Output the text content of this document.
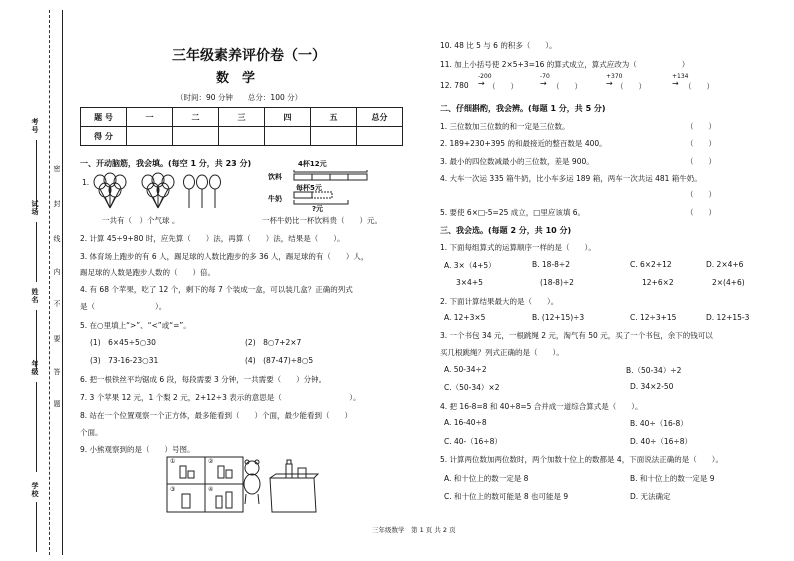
考号
试场
姓名
年级
学校
密
封
线
内
不
要
答
题
三年级素养评价卷（一）
数　学
（时间：90 分钟　　总分：100 分）
题 号	一	二	三	四	五	总分
得 分						
一、开动脑筋，我会填。(每空 1 分，共 23 分)
1.
一共有（　）个气球 。
4杯12元
饮料
每杯5元
牛奶
?元
一杯牛奶比一杯饮料贵（　　）元。
2. 计算 45÷9+80 时，应先算（　　）法，再算（　　）法，结果是（　　）。
3. 体育场上跑步的有 6 人，踢足球的人数比跑步的多 36 人，踢足球的有（　　）人，
踢足球的人数是跑步人数的（　　）倍。
4. 有 68 个苹果，吃了 12 个，剩下的每 7 个装成一盒，可以装几盒？正确的列式
是（　　　　　　　　）。
5. 在○里填上“>”、“<”或“=”。
(1)　6×45÷5○30	(2)　8○7+2×7
(3)　73-16-23○31	(4)　(87-47)÷8○5
6. 把一根铁丝平均锯成 6 段，每段需要 3 分钟，一共需要（　　）分钟。
7. 3 个苹果 12 元，1 个梨 2 元，2+12÷3 表示的意思是（　　　　　　　　　）。
8. 站在一个位置观察一个正方体，最多能看到（　　）个面，最少能看到（　　）
个面。
9. 小熊观察到的是（　　）号图。
①	②
③	④
10. 48 比 5 与 6 的积多（　　）。
11. 加上小括号使 2×5+3=16 的算式成立，算式应改为（　　　　　　）
12. 780
-200
→ （　　）
-70
→ （　　）
+370
→ （　　）
+134
→ （　　）
二、仔细斟酌，我会辨。(每题 1 分，共 5 分)
1. 三位数加三位数的和一定是三位数。	（　　）
2. 189+230+395 的和最接近的整百数是 400。	（　　）
3. 最小的四位数减最小的三位数，差是 900。	（　　）
4. 大车一次运 335 箱牛奶，比小车多运 189 箱，两车一次共运 481 箱牛奶。
（　　）
5. 要使 6×□-5=25 成立，□里应该填 6。	（　　）
三、我会选。(每题 2 分，共 10 分)
1. 下面每组算式的运算顺序一样的是（　　）。
A. 3×（4+5）	B. 18-8÷2	C. 6×2+12	D. 2×4+6
3×4+5	(18-8)÷2	12+6×2	2×(4+6)
2. 下面计算结果最大的是（　　）。
A. 12+3×5	B. (12+15)÷3	C. 12÷3+15	D. 12+15-3
3. 一个书包 34 元，一根跳绳 2 元，淘气有 50 元，买了一个书包，余下的钱可以
买几根跳绳？列式正确的是（　　）。
A. 50-34÷2	B.（50-34）÷2
C.（50-34）×2	D. 34×2-50
4. 把 16-8=8 和 40÷8=5 合并成一道综合算式是（　　）。
A. 16-40÷8	B. 40÷（16-8）
C. 40-（16÷8）	D. 40÷（16÷8）
5. 计算两位数加两位数时，两个加数十位上的数都是 4，下面说法正确的是（　　）。
A. 和十位上的数一定是 8	B. 和十位上的数一定是 9
C. 和十位上的数可能是 8 也可能是 9	D. 无法确定
三年级数学　第 1 页 共 2 页
